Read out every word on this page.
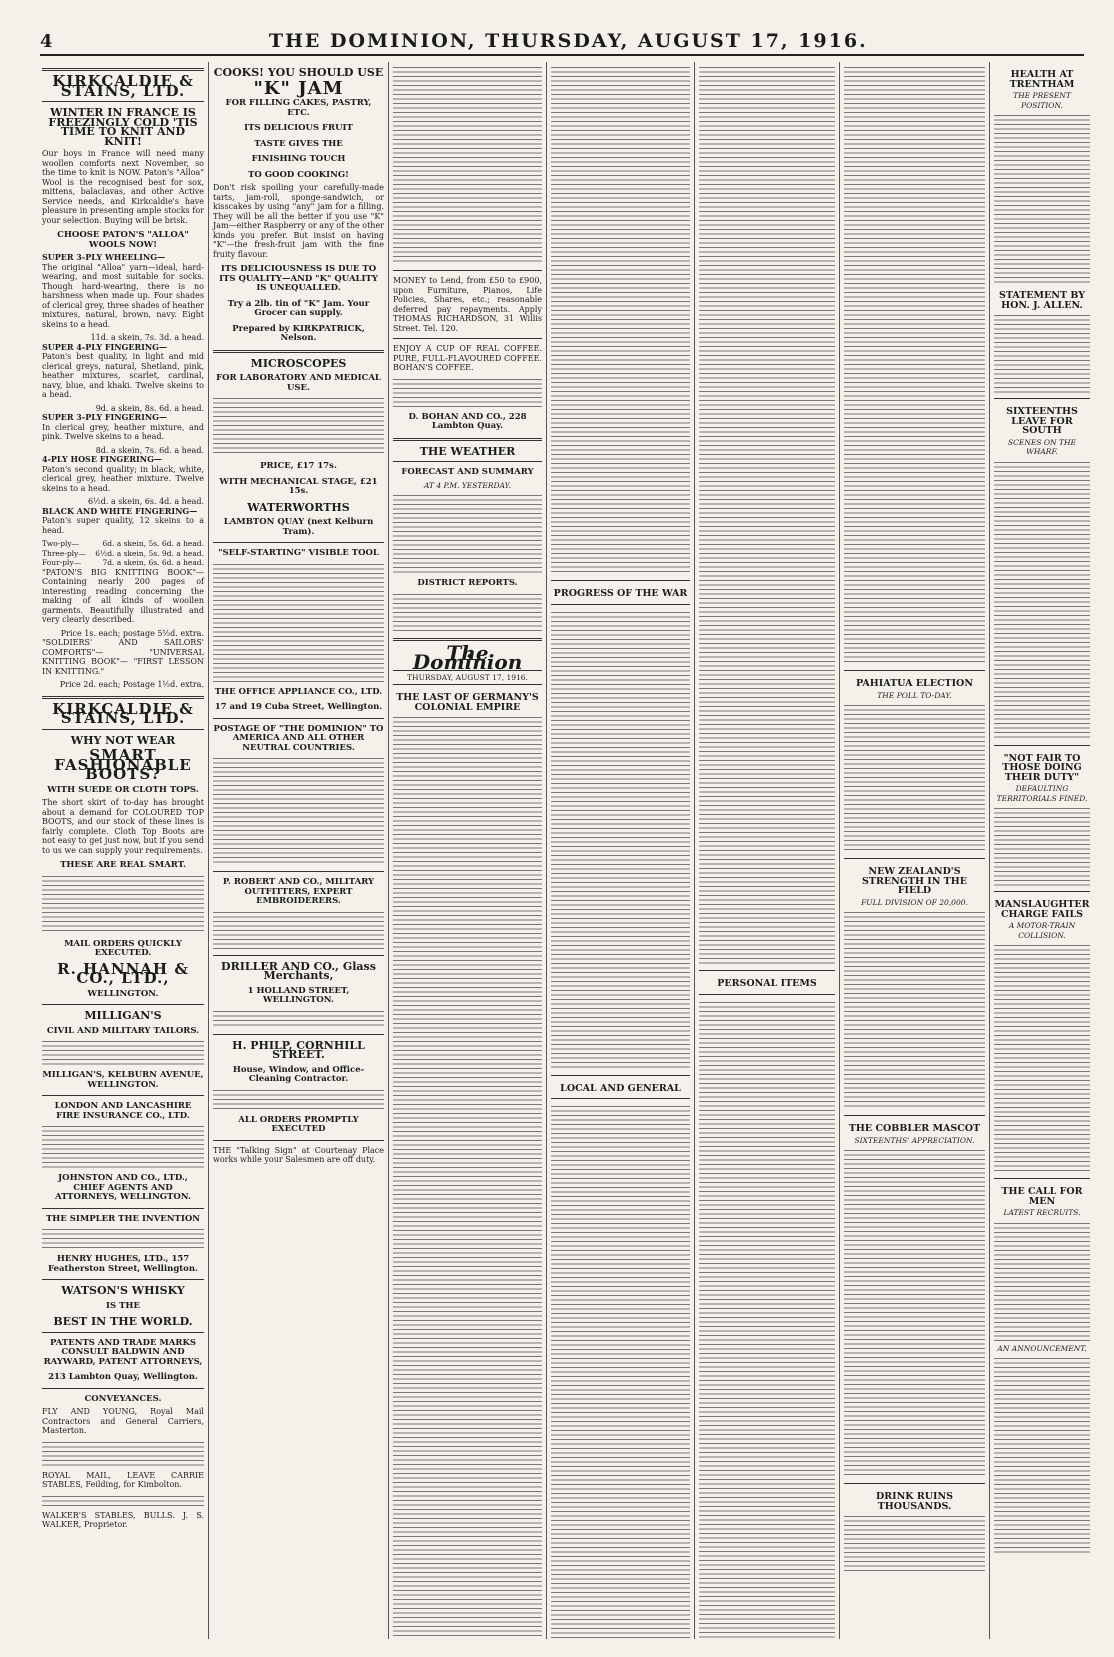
4	THE DOMINION, THURSDAY, AUGUST 17, 1916.
KIRKCALDIE & STAINS, LTD.
WINTER IN FRANCE IS FREEZINGLY COLD 'TIS TIME TO KNIT AND KNIT!

Our boys in France will need many woollen comforts next November, so the time to knit is NOW. Paton's "Alloa" Wool is the recognised best for sox, mittens, balaclavas, and other Active Service needs, and Kirkcaldie's have pleasure in presenting ample stocks for your selection. Buying will be brisk.

CHOOSE PATON'S "ALLOA" WOOLS NOW!
SUPER 3-PLY WHEELING—

The original "Alloa" yarn—ideal, hard-wearing, and most suitable for socks. Though hard-wearing, there is no harshness when made up. Four shades of clerical grey, three shades of heather mixtures, natural, brown, navy. Eight skeins to a head.

11d. a skein, 7s. 3d. a head.
SUPER 4-PLY FINGERING—

Paton's best quality, in light and mid clerical greys, natural, Shetland, pink, heather mixtures, scarlet, cardinal, navy, blue, and khaki. Twelve skeins to a head.

9d. a skein, 8s. 6d. a head.
SUPER 3-PLY FINGERING—

In clerical grey, heather mixture, and pink. Twelve skeins to a head.

8d. a skein, 7s. 6d. a head.
4-PLY HOSE FINGERING—

Paton's second quality; in black, white, clerical grey, heather mixture. Twelve skeins to a head.

6½d. a skein, 6s. 4d. a head.
BLACK AND WHITE FINGERING—

Paton's super quality, 12 skeins to a head.

Two-ply—	6d. a skein, 5s. 6d. a head.
Three-ply— 6½d. a skein, 5s. 9d. a head.
Four-ply—	7d. a skein, 6s. 6d. a head.

"PATON'S BIG KNITTING BOOK"— Containing nearly 200 pages of interesting reading concerning the making of all kinds of woollen garments. Beautifully illustrated and very clearly described.

Price 1s. each; postage 5½d. extra.

"SOLDIERS' AND SAILORS' COMFORTS"— "UNIVERSAL KNITTING BOOK"— "FIRST LESSON IN KNITTING."

Price 2d. each; Postage 1½d. extra.
KIRKCALDIE & STAINS, LTD.
WHY NOT WEAR
SMART FASHIONABLE BOOTS?
WITH SUEDE OR CLOTH TOPS.

The short skirt of to-day has brought about a demand for COLOURED TOP BOOTS, and our stock of these lines is fairly complete. Cloth Top Boots are not easy to get just now, but if you send to us we can supply your requirements.

THESE ARE REAL SMART.
MAIL ORDERS QUICKLY EXECUTED.
R. HANNAH & CO., LTD.,
WELLINGTON.
MILLIGAN'S
CIVIL AND MILITARY TAILORS.
MILLIGAN'S, KELBURN AVENUE, WELLINGTON.
LONDON AND LANCASHIRE FIRE INSURANCE CO., LTD.
JOHNSTON AND CO., LTD., CHIEF AGENTS AND ATTORNEYS, WELLINGTON.
THE SIMPLER THE INVENTION
HENRY HUGHES, LTD., 157 Featherston Street, Wellington.
WATSON'S WHISKY
IS THE
BEST IN THE WORLD.
PATENTS AND TRADE MARKS CONSULT BALDWIN AND RAYWARD, PATENT ATTORNEYS,
213 Lambton Quay, Wellington.
CONVEYANCES.

FLY AND YOUNG, Royal Mail Contractors and General Carriers, Masterton.

ROYAL MAIL, LEAVE CARRIE STABLES, Feilding, for Kimbolton.

WALKER'S STABLES, BULLS. J. S. WALKER, Proprietor.

COOKS! YOU SHOULD USE
"K" JAM
FOR FILLING CAKES, PASTRY, ETC.
ITS DELICIOUS FRUIT
TASTE GIVES THE
FINISHING TOUCH
TO GOOD COOKING!

Don't risk spoiling your carefully-made tarts, jam-roll, sponge-sandwich, or kisscakes by using "any" jam for a filling. They will be all the better if you use "K" Jam—either Raspberry or any of the other kinds you prefer. But insist on having "K"—the fresh-fruit jam with the fine fruity flavour.

ITS DELICIOUSNESS IS DUE TO ITS QUALITY—AND "K" QUALITY IS UNEQUALLED.
Try a 2lb. tin of "K" Jam. Your Grocer can supply.
Prepared by KIRKPATRICK, Nelson.
MICROSCOPES
FOR LABORATORY AND MEDICAL USE.
PRICE, £17 17s.
WITH MECHANICAL STAGE, £21 15s.
WATERWORTHS
LAMBTON QUAY (next Kelburn Tram).
"SELF-STARTING" VISIBLE TOOL
THE OFFICE APPLIANCE CO., LTD.
17 and 19 Cuba Street, Wellington.
POSTAGE OF "THE DOMINION" TO AMERICA AND ALL OTHER NEUTRAL COUNTRIES.
P. ROBERT AND CO., MILITARY OUTFITTERS, EXPERT EMBROIDERERS.
DRILLER AND CO., Glass Merchants,
1 HOLLAND STREET, WELLINGTON.
H. PHILP, CORNHILL STREET.
House, Window, and Office-Cleaning Contractor.
ALL ORDERS PROMPTLY EXECUTED

THE "Talking Sign" at Courtenay Place works while your Salesmen are off duty.

MONEY to Lend, from £50 to £900, upon Furniture, Pianos, Life Policies, Shares, etc.; reasonable deferred pay repayments. Apply THOMAS RICHARDSON, 31 Willis Street. Tel. 120.

ENJOY A CUP OF REAL COFFEE. PURE, FULL-FLAVOURED COFFEE. BOHAN'S COFFEE.

D. BOHAN AND CO., 228 Lambton Quay.
THE WEATHER
FORECAST AND SUMMARY
AT 4 P.M. YESTERDAY.
DISTRICT REPORTS.
The Dominion
THURSDAY, AUGUST 17, 1916.
THE LAST OF GERMANY'S COLONIAL EMPIRE
PROGRESS OF THE WAR
LOCAL AND GENERAL
PERSONAL ITEMS
PAHIATUA ELECTION
THE POLL TO-DAY.
NEW ZEALAND'S STRENGTH IN THE FIELD
FULL DIVISION OF 20,000.
THE COBBLER MASCOT
SIXTEENTHS' APPRECIATION.
DRINK RUINS THOUSANDS.
HEALTH AT TRENTHAM
THE PRESENT POSITION.
STATEMENT BY HON. J. ALLEN.
SIXTEENTHS LEAVE FOR SOUTH
SCENES ON THE WHARF.
"NOT FAIR TO THOSE DOING THEIR DUTY"
DEFAULTING TERRITORIALS FINED.
MANSLAUGHTER CHARGE FAILS
A MOTOR-TRAIN COLLISION.
THE CALL FOR MEN
LATEST RECRUITS.
AN ANNOUNCEMENT.
